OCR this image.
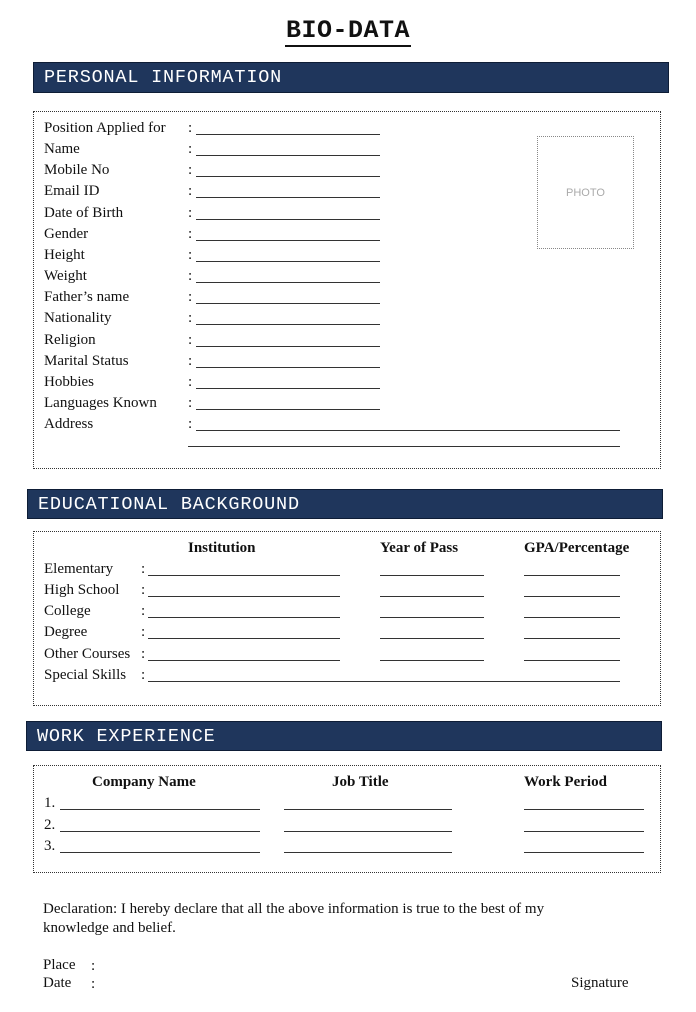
BIO-DATA
PERSONAL INFORMATION
PHOTO
Position Applied for :
Name	:
Mobile No	:
Email ID	:
Date of Birth	:
Gender	:
Height	:
Weight	:
Father’s name	:
Nationality	:
Religion	:
Marital Status	:
Hobbies	:
Languages Known :
Address	:
EDUCATIONAL BACKGROUND
Institution	Year of Pass	GPA/Percentage
Elementary :
High School :
College	:
Degree	:
Other Courses :
Special Skills :
WORK EXPERIENCE
Company Name	Job Title	Work Period
1.
2.
3.
Declaration: I hereby declare that all the above information is true to the best of my
knowledge and belief.
Place :
Date :	Signature
